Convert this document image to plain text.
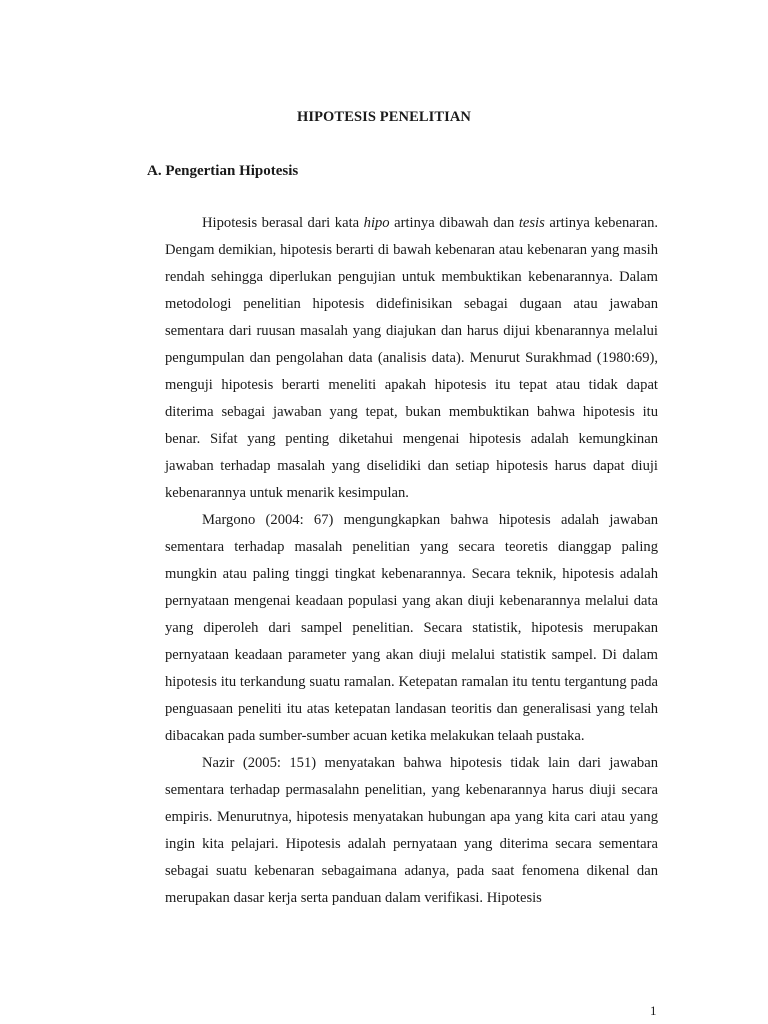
HIPOTESIS PENELITIAN
A. Pengertian Hipotesis

Hipotesis berasal dari kata hipo artinya dibawah dan tesis artinya kebenaran. Dengam demikian, hipotesis berarti di bawah kebenaran atau kebenaran yang masih rendah sehingga diperlukan pengujian untuk membuktikan kebenarannya. Dalam metodologi penelitian hipotesis didefinisikan sebagai dugaan atau jawaban sementara dari ruusan masalah yang diajukan dan harus dijui kbenarannya melalui pengumpulan dan pengolahan data (analisis data). Menurut Surakhmad (1980:69), menguji hipotesis berarti meneliti apakah hipotesis itu tepat atau tidak dapat diterima sebagai jawaban yang tepat, bukan membuktikan bahwa hipotesis itu benar. Sifat yang penting diketahui mengenai hipotesis adalah kemungkinan jawaban terhadap masalah yang diselidiki dan setiap hipotesis harus dapat diuji kebenarannya untuk menarik kesimpulan.

Margono (2004: 67) mengungkapkan bahwa hipotesis adalah jawaban sementara terhadap masalah penelitian yang secara teoretis dianggap paling mungkin atau paling tinggi tingkat kebenarannya. Secara teknik, hipotesis adalah pernyataan mengenai keadaan populasi yang akan diuji kebenarannya melalui data yang diperoleh dari sampel penelitian. Secara statistik, hipotesis merupakan pernyataan keadaan parameter yang akan diuji melalui statistik sampel. Di dalam hipotesis itu terkandung suatu ramalan. Ketepatan ramalan itu tentu tergantung pada penguasaan peneliti itu atas ketepatan landasan teoritis dan generalisasi yang telah dibacakan pada sumber-sumber acuan ketika melakukan telaah pustaka.

Nazir (2005: 151) menyatakan bahwa hipotesis tidak lain dari jawaban sementara terhadap permasalahn penelitian, yang kebenarannya harus diuji secara empiris. Menurutnya, hipotesis menyatakan hubungan apa yang kita cari atau yang ingin kita pelajari. Hipotesis adalah pernyataan yang diterima secara sementara sebagai suatu kebenaran sebagaimana adanya, pada saat fenomena dikenal dan merupakan dasar kerja serta panduan dalam verifikasi. Hipotesis

1
